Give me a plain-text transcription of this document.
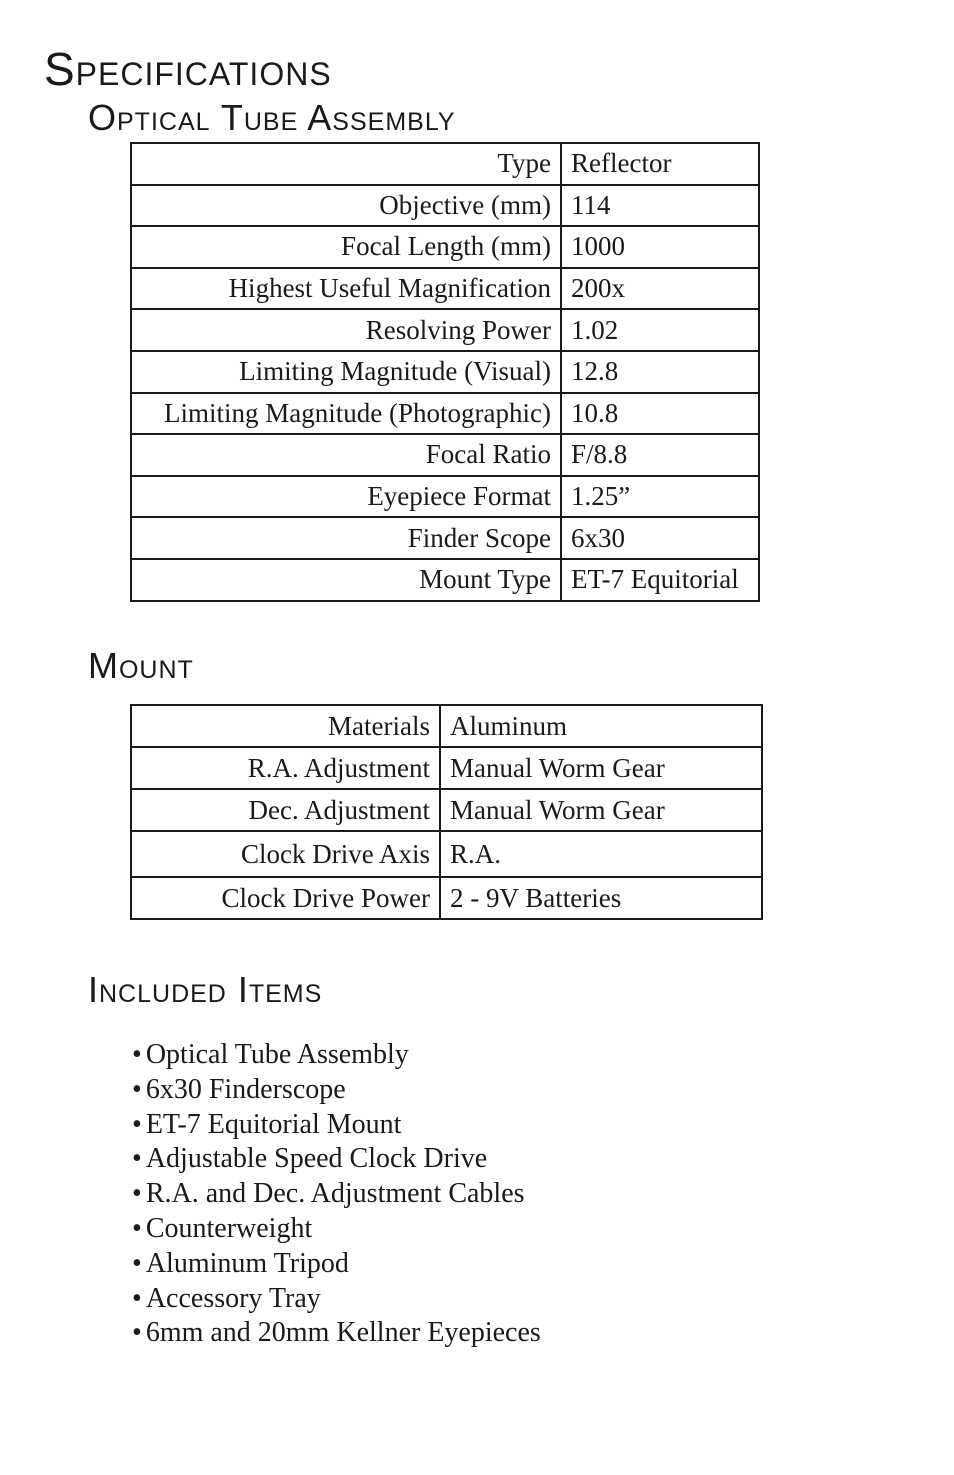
Specifications
Optical Tube Assembly
Type	Reflector
Objective (mm)	114
Focal Length (mm)	1000
Highest Useful Magnification	200x
Resolving Power	1.02
Limiting Magnitude (Visual)	12.8
Limiting Magnitude (Photographic)	10.8
Focal Ratio	F/8.8
Eyepiece Format	1.25”
Finder Scope	6x30
Mount Type	ET-7 Equitorial
Mount
Materials	Aluminum
R.A. Adjustment	Manual Worm Gear
Dec. Adjustment	Manual Worm Gear
Clock Drive Axis	R.A.
Clock Drive Power	2 - 9V Batteries
Included Items
• Optical Tube Assembly
• 6x30 Finderscope
• ET-7 Equitorial Mount
• Adjustable Speed Clock Drive
• R.A. and Dec. Adjustment Cables
• Counterweight
• Aluminum Tripod
• Accessory Tray
• 6mm and 20mm Kellner Eyepieces
